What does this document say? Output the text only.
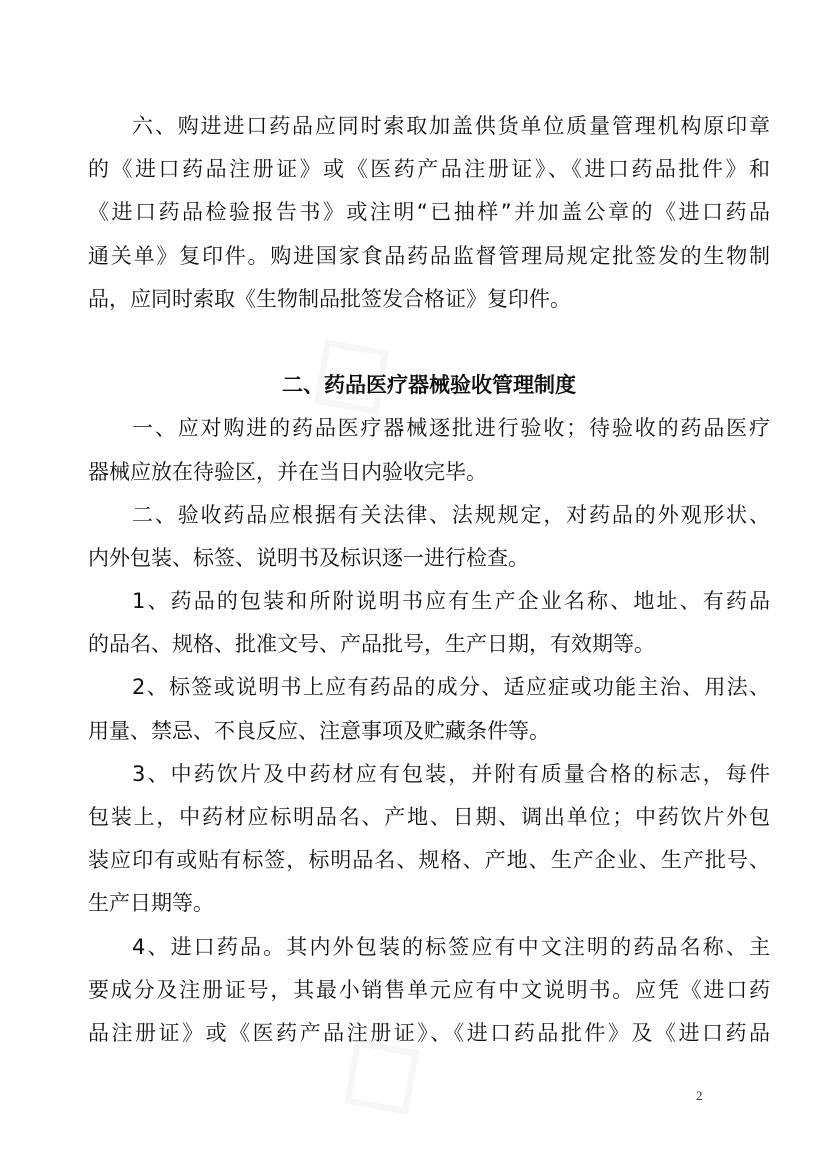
六、购进进口药品应同时索取加盖供货单位质量管理机构原印章
的《进口药品注册证》或《医药产品注册证》、《进口药品批件》和
《进口药品检验报告书》或注明“已抽样”并加盖公章的《进口药品
通关单》复印件。购进国家食品药品监督管理局规定批签发的生物制
品，应同时索取《生物制品批签发合格证》复印件。
二、药品医疗器械验收管理制度
一、应对购进的药品医疗器械逐批进行验收；待验收的药品医疗
器械应放在待验区，并在当日内验收完毕。
二、验收药品应根据有关法律、法规规定，对药品的外观形状、
内外包装、标签、说明书及标识逐一进行检查。
1、药品的包装和所附说明书应有生产企业名称、地址、有药品
的品名、规格、批准文号、产品批号，生产日期，有效期等。
2、标签或说明书上应有药品的成分、适应症或功能主治、用法、
用量、禁忌、不良反应、注意事项及贮藏条件等。
3、中药饮片及中药材应有包装，并附有质量合格的标志，每件
包装上，中药材应标明品名、产地、日期、调出单位；中药饮片外包
装应印有或贴有标签，标明品名、规格、产地、生产企业、生产批号、
生产日期等。
4、进口药品。其内外包装的标签应有中文注明的药品名称、主
要成分及注册证号，其最小销售单元应有中文说明书。应凭《进口药
品注册证》或《医药产品注册证》、《进口药品批件》及《进口药品
2
